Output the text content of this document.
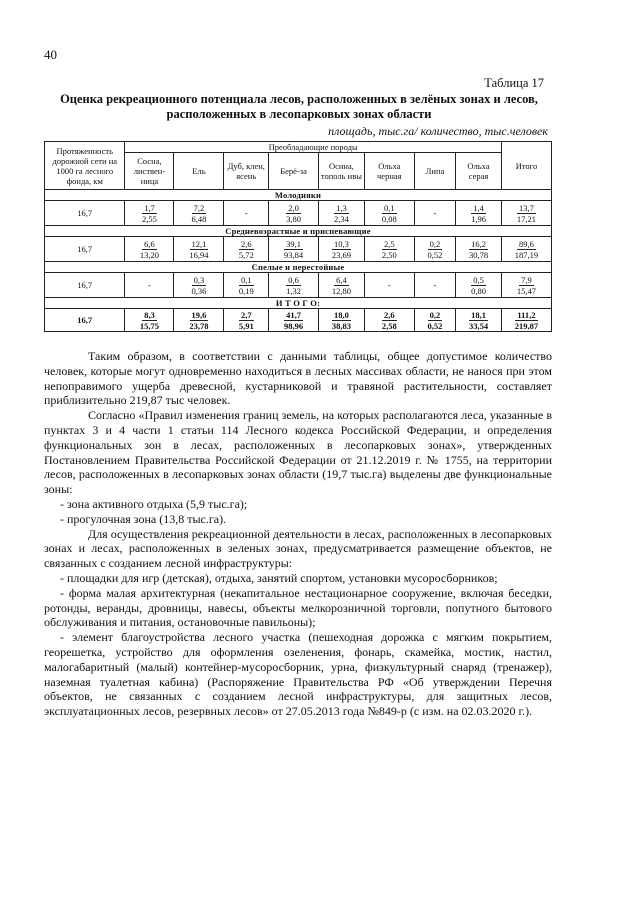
40
Таблица 17
Оценка рекреационного потенциала лесов, расположенных в зелёных зонах и лесов,
расположенных в лесопарковых зонах области
площадь, тыс.га/ количество, тыс.человек
Протяженность дорожной сети на 1000 га лесного фонда, км	Преобладающие породы								Итого
	Сосна, листвен-ница	Ель	Дуб, клен, ясень	Берё-за	Осина, тополь ивы	Ольха черная	Липа	Ольха серая	
Молодняки									
16,7	$\frac{1,7}{2,55}$	$\frac{7,2}{6,48}$	-	$\frac{2,0}{3,80}$	$\frac{1,3}{2,34}$	$\frac{0,1}{0,08}$	-	$\frac{1,4}{1,96}$	$\frac{13,7}{17,21}$

Средневозрастные и приспевающие									
16,7	$\frac{6,6}{13,20}$	$\frac{12,1}{16,94}$	$\frac{2,6}{5,72}$	$\frac{39,1}{93,84}$	$\frac{10,3}{23,69}$	$\frac{2,5}{2,50}$	$\frac{0,2}{0,52}$	$\frac{16,2}{30,78}$	$\frac{89,6}{187,19}$

Спелые и перестойные									
16,7	-	$\frac{0,3}{0,36}$	$\frac{0,1}{0,19}$	$\frac{0,6}{1,32}$	$\frac{6,4}{12,80}$	-	-	$\frac{0,5}{0,80}$	$\frac{7,9}{15,47}$

И Т О Г О:									
16,7	$\frac{8,3}{15,75}$	$\frac{19,6}{23,78}$	$\frac{2,7}{5,91}$	$\frac{41,7}{98,96}$	$\frac{18,0}{38,83}$	$\frac{2,6}{2,58}$	$\frac{0,2}{0,52}$	$\frac{18,1}{33,54}$	$\frac{111,2}{219,87}$

Таким образом, в соответствии с данными таблицы, общее допустимое количество человек, которые могут одновременно находиться в лесных массивах области, не нанося при этом непоправимого ущерба древесной, кустарниковой и травяной растительности, составляет приблизительно 219,87 тыс человек.

Согласно «Правил изменения границ земель, на которых располагаются леса, указанные в пунктах 3 и 4 части 1 статьи 114 Лесного кодекса Российской Федерации, и определения функциональных зон в лесах, расположенных в лесопарковых зонах», утвержденных Постановлением Правительства Российской Федерации от 21.12.2019 г. № 1755, на территории лесов, расположенных в лесопарковых зонах области (19,7 тыс.га) выделены две функциональные зоны:

- зона активного отдыха (5,9 тыс.га);

- прогулочная зона (13,8 тыс.га).

Для осуществления рекреационной деятельности в лесах, расположенных в лесопарковых зонах и лесах, расположенных в зеленых зонах, предусматривается размещение объектов, не связанных с созданием лесной инфраструктуры:

- площадки для игр (детская), отдыха, занятий спортом, установки мусоросборников;

- форма малая архитектурная (некапитальное нестационарное сооружение, включая беседки, ротонды, веранды, дровницы, навесы, объекты мелкорозничной торговли, попутного бытового обслуживания и питания, остановочные павильоны);

- элемент благоустройства лесного участка (пешеходная дорожка с мягким покрытием, георешетка, устройство для оформления озеленения, фонарь, скамейка, мостик, настил, малогабаритный (малый) контейнер-мусоросборник, урна, физкультурный снаряд (тренажер), наземная туалетная кабина) (Распоряжение Правительства РФ «Об утверждении Перечня объектов, не связанных с созданием лесной инфраструктуры, для защитных лесов, эксплуатационных лесов, резервных лесов» от 27.05.2013 года №849-р (с изм. на 02.03.2020 г.).
